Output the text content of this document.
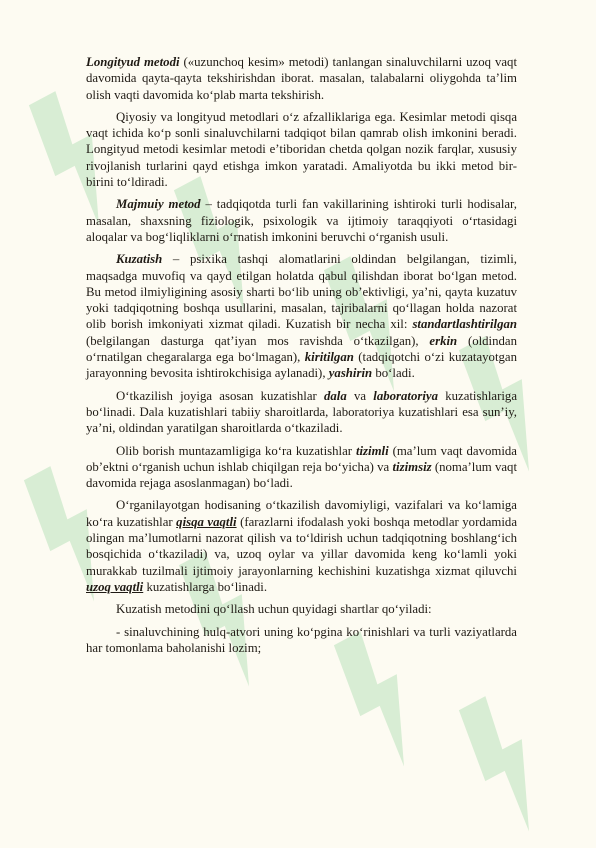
Longityud metodi («uzunchoq kesim» metodi) tanlangan sinaluvchilarni uzoq vaqt davomida qayta-qayta tekshirishdan iborat. masalan, talabalarni oliygohda ta’lim olish vaqti davomida ko‘plab marta tekshirish.

Qiyosiy va longityud metodlari o‘z afzalliklariga ega. Kesimlar metodi qisqa vaqt ichida ko‘p sonli sinaluvchilarni tadqiqot bilan qamrab olish imkonini beradi. Longityud metodi kesimlar metodi e’tiboridan chetda qolgan nozik farqlar, xususiy rivojlanish turlarini qayd etishga imkon yaratadi. Amaliyotda bu ikki metod bir-birini to‘ldiradi.

Majmuiy metod – tadqiqotda turli fan vakillarining ishtiroki turli hodisalar, masalan, shaxsning fiziologik, psixologik va ijtimoiy taraqqiyoti o‘rtasidagi aloqalar va bog‘liqliklarni o‘rnatish imkonini beruvchi o‘rganish usuli.

Kuzatish – psixika tashqi alomatlarini oldindan belgilangan, tizimli, maqsadga muvofiq va qayd etilgan holatda qabul qilishdan iborat bo‘lgan metod. Bu metod ilmiyligining asosiy sharti bo‘lib uning ob’ektivligi, ya’ni, qayta kuzatuv yoki tadqiqotning boshqa usullarini, masalan, tajribalarni qo‘llagan holda nazorat olib borish imkoniyati xizmat qiladi. Kuzatish bir necha xil: standartlashtirilgan (belgilangan dasturga qat’iyan mos ravishda o‘tkazilgan), erkin (oldindan o‘rnatilgan chegaralarga ega bo‘lmagan), kiritilgan (tadqiqotchi o‘zi kuzatayotgan jarayonning bevosita ishtirokchisiga aylanadi), yashirin bo‘ladi.

O‘tkazilish joyiga asosan kuzatishlar dala va laboratoriya kuzatishlariga bo‘linadi. Dala kuzatishlari tabiiy sharoitlarda, laboratoriya kuzatishlari esa sun’iy, ya’ni, oldindan yaratilgan sharoitlarda o‘tkaziladi.

Olib borish muntazamligiga ko‘ra kuzatishlar tizimli (ma’lum vaqt davomida ob’ektni o‘rganish uchun ishlab chiqilgan reja bo‘yicha) va tizimsiz (noma’lum vaqt davomida rejaga asoslanmagan) bo‘ladi.

O‘rganilayotgan hodisaning o‘tkazilish davomiyligi, vazifalari va ko‘lamiga ko‘ra kuzatishlar qisqa vaqtli (farazlarni ifodalash yoki boshqa metodlar yordamida olingan ma’lumotlarni nazorat qilish va to‘ldirish uchun tadqiqotning boshlang‘ich bosqichida o‘tkaziladi) va, uzoq oylar va yillar davomida keng ko‘lamli yoki murakkab tuzilmali ijtimoiy jarayonlarning kechishini kuzatishga xizmat qiluvchi uzoq vaqtli kuzatishlarga bo‘linadi.

Kuzatish metodini qo‘llash uchun quyidagi shartlar qo‘yiladi:

- sinaluvchining hulq-atvori uning ko‘pgina ko‘rinishlari va turli vaziyatlarda har tomonlama baholanishi lozim;
